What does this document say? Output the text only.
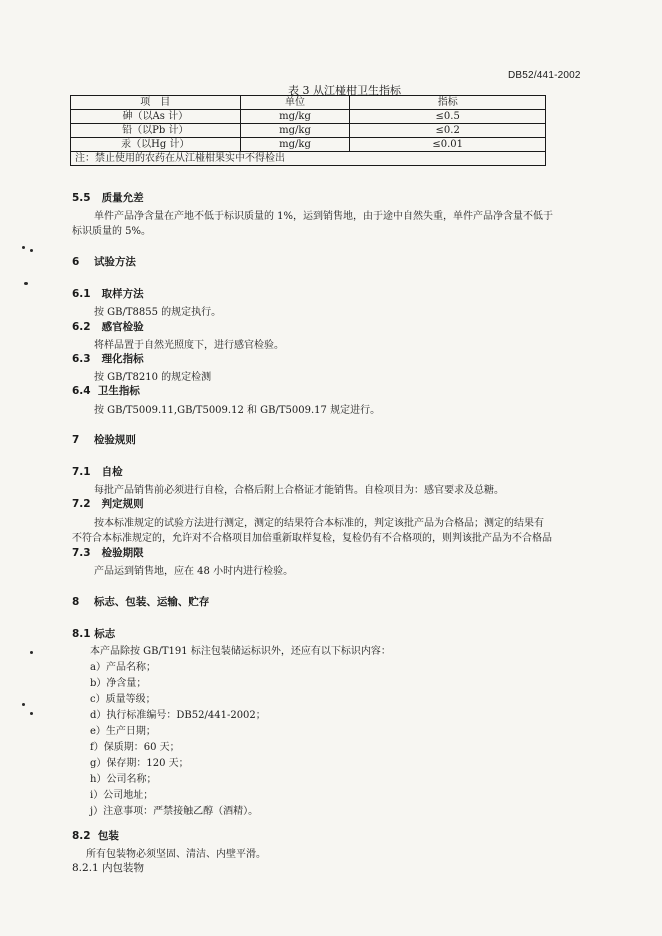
DB52/441-2002
表 3 从江椪柑卫生指标
项　目	单位	指标
砷（以As 计）	mg/kg	≤0.5
铅（以Pb 计）	mg/kg	≤0.2
汞（以Hg 计）	mg/kg	≤0.01
注：禁止使用的农药在从江椪柑果实中不得检出		
5.5 质量允差
单件产品净含量在产地不低于标识质量的 1%，运到销售地，由于途中自然失重，单件产品净含量不低于
标识质量的 5%。
6 试验方法
6.1 取样方法
按 GB/T8855 的规定执行。
6.2 感官检验
将样品置于自然光照度下，进行感官检验。
6.3 理化指标
按 GB/T8210 的规定检测
6.4 卫生指标
按 GB/T5009.11,GB/T5009.12 和 GB/T5009.17 规定进行。
7 检验规则
7.1 自检
每批产品销售前必须进行自检，合格后附上合格证才能销售。自检项目为：感官要求及总糖。
7.2 判定规则
按本标准规定的试验方法进行测定，测定的结果符合本标准的，判定该批产品为合格品；测定的结果有
不符合本标准规定的，允许对不合格项目加倍重新取样复检，复检仍有不合格项的，则判该批产品为不合格品
7.3 检验期限
产品运到销售地，应在 48 小时内进行检验。
8 标志、包装、运输、贮存
8.1 标志
本产品除按 GB/T191 标注包装储运标识外，还应有以下标识内容：
a）产品名称；
b）净含量；
c）质量等级；
d）执行标准编号：DB52/441-2002；
e）生产日期；
f）保质期：60 天；
g）保存期：120 天；
h）公司名称；
i）公司地址；
j）注意事项：严禁接触乙醇（酒精）。
8.2 包装
所有包装物必须坚固、清洁、内壁平滑。
8.2.1 内包装物
